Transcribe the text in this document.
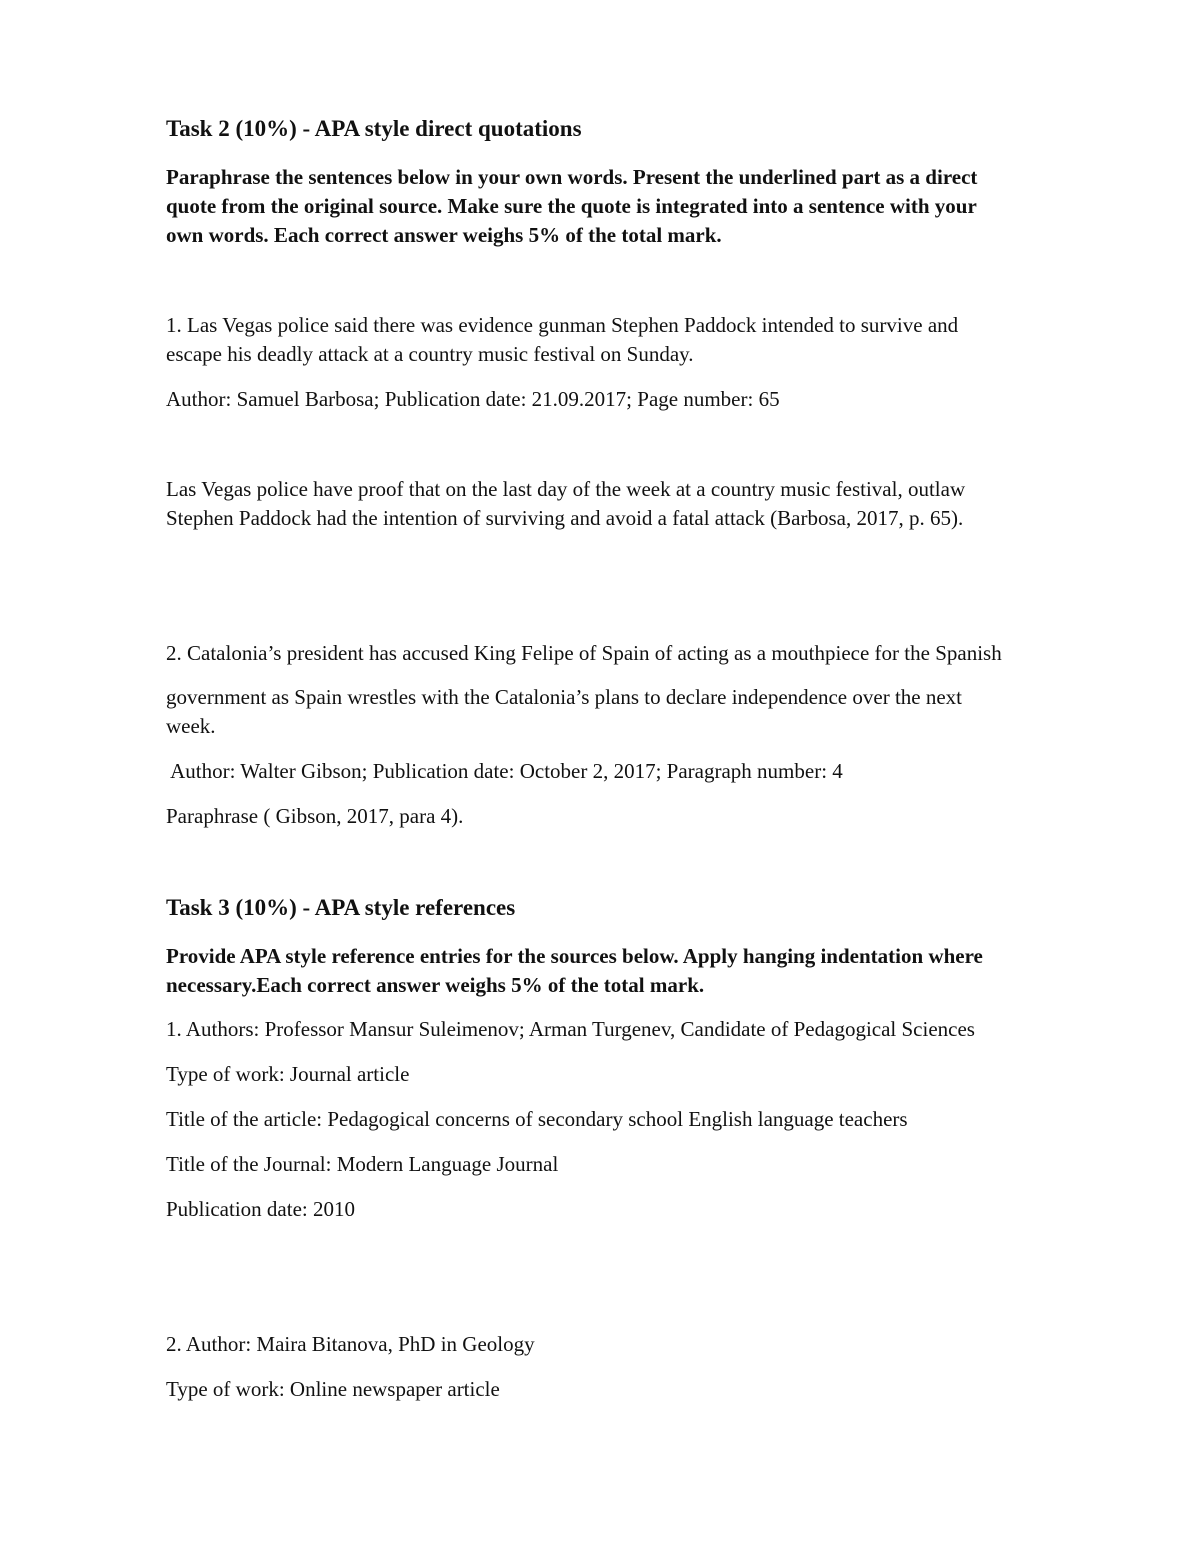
Task 2 (10%) - APA style direct quotations
Paraphrase the sentences below in your own words. Present the underlined part as a direct
quote from the original source. Make sure the quote is integrated into a sentence with your
own words. Each correct answer weighs 5% of the total mark.
1. Las Vegas police said there was evidence gunman Stephen Paddock intended to survive and
escape his deadly attack at a country music festival on Sunday.
Author: Samuel Barbosa; Publication date: 21.09.2017; Page number: 65
Las Vegas police have proof that on the last day of the week at a country music festival, outlaw
Stephen Paddock had the intention of surviving and avoid a fatal attack (Barbosa, 2017, p. 65).
2. Catalonia’s president has accused King Felipe of Spain of acting as a mouthpiece for the Spanish
government as Spain wrestles with the Catalonia’s plans to declare independence over the next
week.
Author: Walter Gibson; Publication date: October 2, 2017; Paragraph number: 4
Paraphrase ( Gibson, 2017, para 4).
Task 3 (10%) - APA style references
Provide APA style reference entries for the sources below. Apply hanging indentation where
necessary.Each correct answer weighs 5% of the total mark.
1. Authors: Professor Mansur Suleimenov; Arman Turgenev, Candidate of Pedagogical Sciences
Type of work: Journal article
Title of the article: Pedagogical concerns of secondary school English language teachers
Title of the Journal: Modern Language Journal
Publication date: 2010
2. Author: Maira Bitanova, PhD in Geology
Type of work: Online newspaper article
